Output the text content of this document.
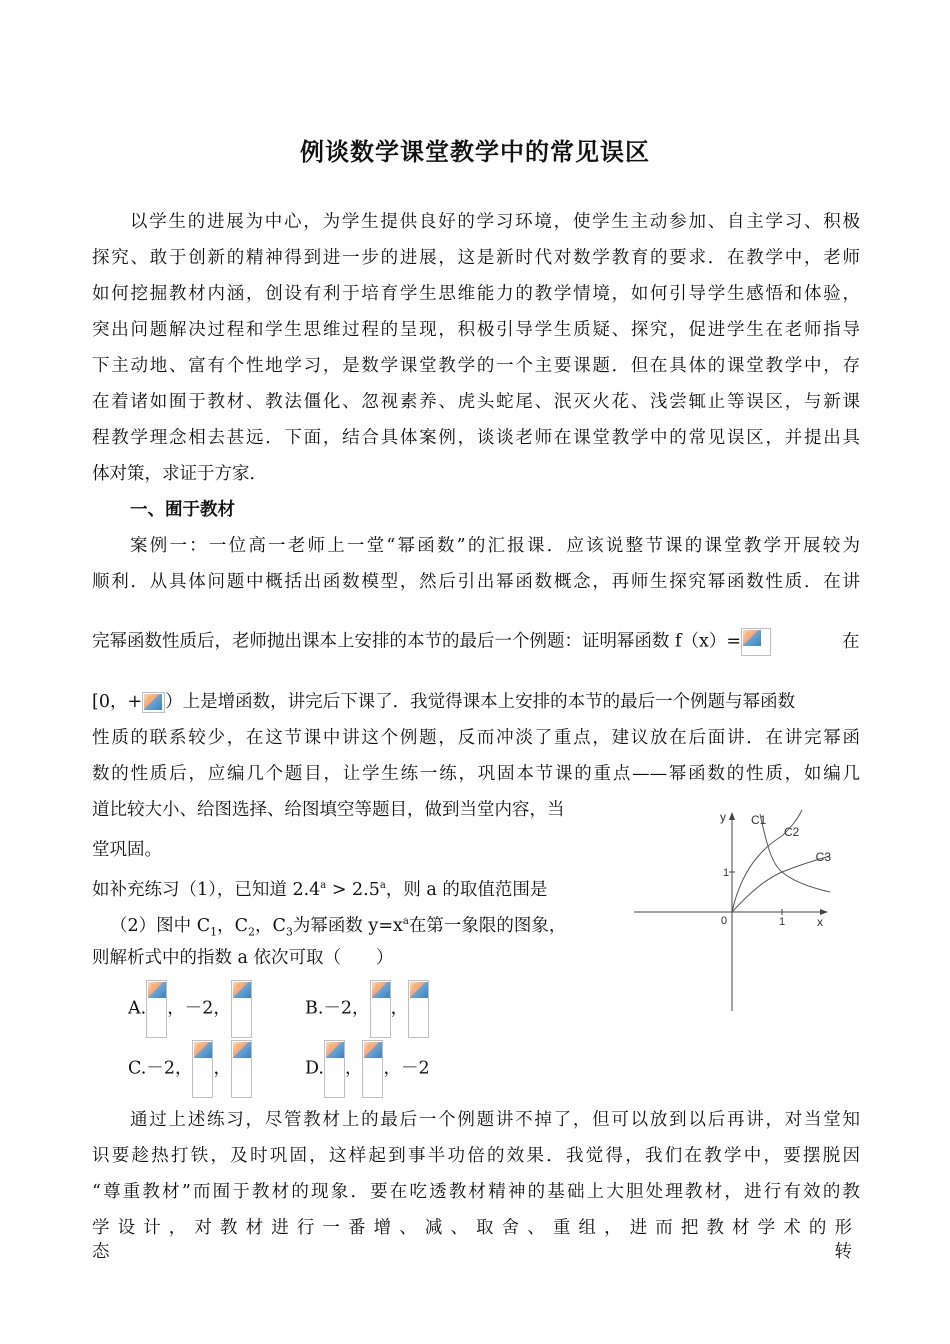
例谈数学课堂教学中的常见误区
以学生的进展为中心，为学生提供良好的学习环境，使学生主动参加、自主学习、积极
探究、敢于创新的精神得到进一步的进展，这是新时代对数学教育的要求．在教学中，老师
如何挖掘教材内涵，创设有利于培育学生思维能力的教学情境，如何引导学生感悟和体验，
突出问题解决过程和学生思维过程的呈现，积极引导学生质疑、探究，促进学生在老师指导
下主动地、富有个性地学习，是数学课堂教学的一个主要课题．但在具体的课堂教学中，存
在着诸如囿于教材、教法僵化、忽视素养、虎头蛇尾、泯灭火花、浅尝辄止等误区，与新课
程教学理念相去甚远．下面，结合具体案例，谈谈老师在课堂教学中的常见误区，并提出具
体对策，求证于方家．
一、囿于教材
案例一：一位高一老师上一堂“幂函数”的汇报课．应该说整节课的课堂教学开展较为
顺利．从具体问题中概括出函数模型，然后引出幂函数概念，再师生探究幂函数性质．在讲
完幂函数性质后，老师抛出课本上安排的本节的最后一个例题：证明幂函数 f（x）=	在
[0，+ ）上是增函数，讲完后下课了．我觉得课本上安排的本节的最后一个例题与幂函数
性质的联系较少，在这节课中讲这个例题，反而冲淡了重点，建议放在后面讲．在讲完幂函
数的性质后，应编几个题目，让学生练一练，巩固本节课的重点——幂函数的性质，如编几
道比较大小、给图选择、给图填空等题目，做到当堂内容，当
堂巩固。
如补充练习（1），已知道 2.4$^a$ > 2.5$^a$，则 a 的取值范围是
（2）图中 $C_1$，$C_2$，$C_3$为幂函数 $y=x^a$在第一象限的图象，
则解析式中的指数 a 依次可取（　　）
A. ，－2，	B.－2， ，
C.－2， ，	D. ， ，－2
y
x
0	1
1
C1
C2
C3
通过上述练习，尽管教材上的最后一个例题讲不掉了，但可以放到以后再讲，对当堂知
识要趁热打铁，及时巩固，这样起到事半功倍的效果．我觉得，我们在教学中，要摆脱因
“尊重教材”而囿于教材的现象．要在吃透教材精神的基础上大胆处理教材，进行有效的教
学设计，对教材进行一番增、减、取舍、重组，进而把教材学术的形态转
